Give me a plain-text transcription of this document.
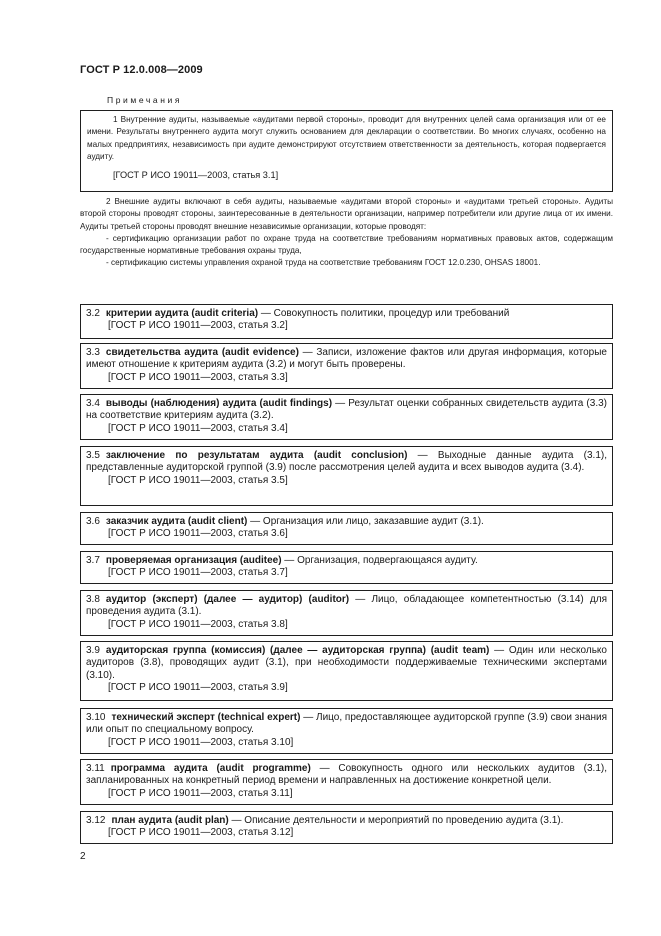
ГОСТ Р 12.0.008—2009
Примечания

1 Внутренние аудиты, называемые «аудитами первой стороны», проводит для внутренних целей сама организация или от ее имени. Результаты внутреннего аудита могут служить основанием для декларации о соответствии. Во многих случаях, особенно на малых предприятиях, независимость при аудите демонстрируют отсутствием ответственности за деятельность, которая подвергается аудиту.

[ГОСТ Р ИСО 19011—2003, статья 3.1]

2 Внешние аудиты включают в себя аудиты, называемые «аудитами второй стороны» и «аудитами третьей стороны». Аудиты второй стороны проводят стороны, заинтересованные в деятельности организации, например потребители или другие лица от их имени. Аудиты третьей стороны проводят внешние независимые организации, которые проводят:

- сертификацию организации работ по охране труда на соответствие требованиям нормативных правовых актов, содержащим государственные нормативные требования охраны труда,

- сертификацию системы управления охраной труда на соответствие требованиям ГОСТ 12.0.230, OHSAS 18001.

3.2 критерии аудита (audit criteria) — Совокупность политики, процедур или требований
[ГОСТ Р ИСО 19011—2003, статья 3.2]
3.3 свидетельства аудита (audit evidence) — Записи, изложение фактов или другая информация, которые имеют отношение к критериям аудита (3.2) и могут быть проверены.
[ГОСТ Р ИСО 19011—2003, статья 3.3]
3.4 выводы (наблюдения) аудита (audit findings) — Результат оценки собранных свидетельств аудита (3.3) на соответствие критериям аудита (3.2).
[ГОСТ Р ИСО 19011—2003, статья 3.4]
3.5 заключение по результатам аудита (audit conclusion) — Выходные данные аудита (3.1), представленные аудиторской группой (3.9) после рассмотрения целей аудита и всех выводов аудита (3.4).
[ГОСТ Р ИСО 19011—2003, статья 3.5]
3.6 заказчик аудита (audit client) — Организация или лицо, заказавшие аудит (3.1).
[ГОСТ Р ИСО 19011—2003, статья 3.6]
3.7 проверяемая организация (auditee) — Организация, подвергающаяся аудиту.
[ГОСТ Р ИСО 19011—2003, статья 3.7]
3.8 аудитор (эксперт) (далее — аудитор) (auditor) — Лицо, обладающее компетентностью (3.14) для проведения аудита (3.1).
[ГОСТ Р ИСО 19011—2003, статья 3.8]
3.9 аудиторская группа (комиссия) (далее — аудиторская группа) (audit team) — Один или несколько аудиторов (3.8), проводящих аудит (3.1), при необходимости поддерживаемые техническими экспертами (3.10).
[ГОСТ Р ИСО 19011—2003, статья 3.9]
3.10 технический эксперт (technical expert) — Лицо, предоставляющее аудиторской группе (3.9) свои знания или опыт по специальному вопросу.
[ГОСТ Р ИСО 19011—2003, статья 3.10]
3.11 программа аудита (audit programme) — Совокупность одного или нескольких аудитов (3.1), запланированных на конкретный период времени и направленных на достижение конкретной цели.
[ГОСТ Р ИСО 19011—2003, статья 3.11]
3.12 план аудита (audit plan) — Описание деятельности и мероприятий по проведению аудита (3.1).
[ГОСТ Р ИСО 19011—2003, статья 3.12]
2
